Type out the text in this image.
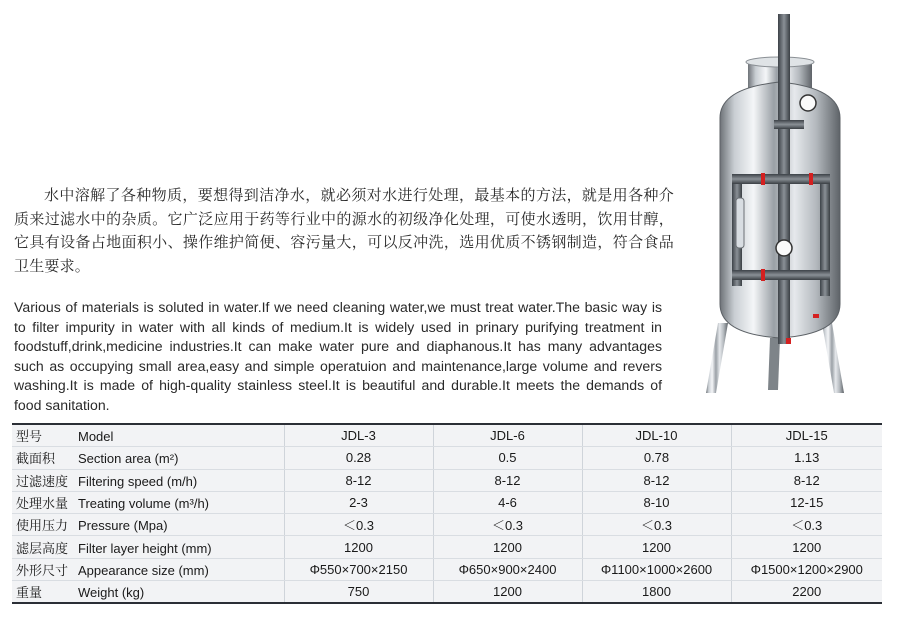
水中溶解了各种物质，要想得到洁净水，就必须对水进行处理，最基本的方法，就是用各种介质来过滤水中的杂质。它广泛应用于药等行业中的源水的初级净化处理，可使水透明，饮用甘醇，它具有设备占地面积小、操作维护简便、容污量大，可以反冲洗，选用优质不锈钢制造，符合食品卫生要求。
Various of materials is soluted in water.If we need cleaning water,we must treat water.The basic way is to filter impurity in water with all kinds of medium.It is widely used in prinary purifying treatment in foodstuff,drink,medicine industries.It can make water pure and diaphanous.It has many advantages such as occupying small area,easy and simple operatuion and maintenance,large volume and revers washing.It is made of high-quality stainless steel.It is beautiful and durable.It meets the demands of food sanitation.
型号 Model	JDL-3	JDL-6	JDL-10	JDL-15
截面积 Section area (m²)	0.28	0.5	0.78	1.13
过滤速度 Filtering speed (m/h)	8-12	8-12	8-12	8-12
处理水量 Treating volume (m³/h)	2-3	4-6	8-10	12-15
使用压力 Pressure (Mpa)	＜0.3	＜0.3	＜0.3	＜0.3
滤层高度 Filter layer height (mm)	1200	1200	1200	1200
外形尺寸 Appearance size (mm)	Φ550×700×2150	Φ650×900×2400	Φ1100×1000×2600	Φ1500×1200×2900
重量 Weight (kg)	750	1200	1800	2200
